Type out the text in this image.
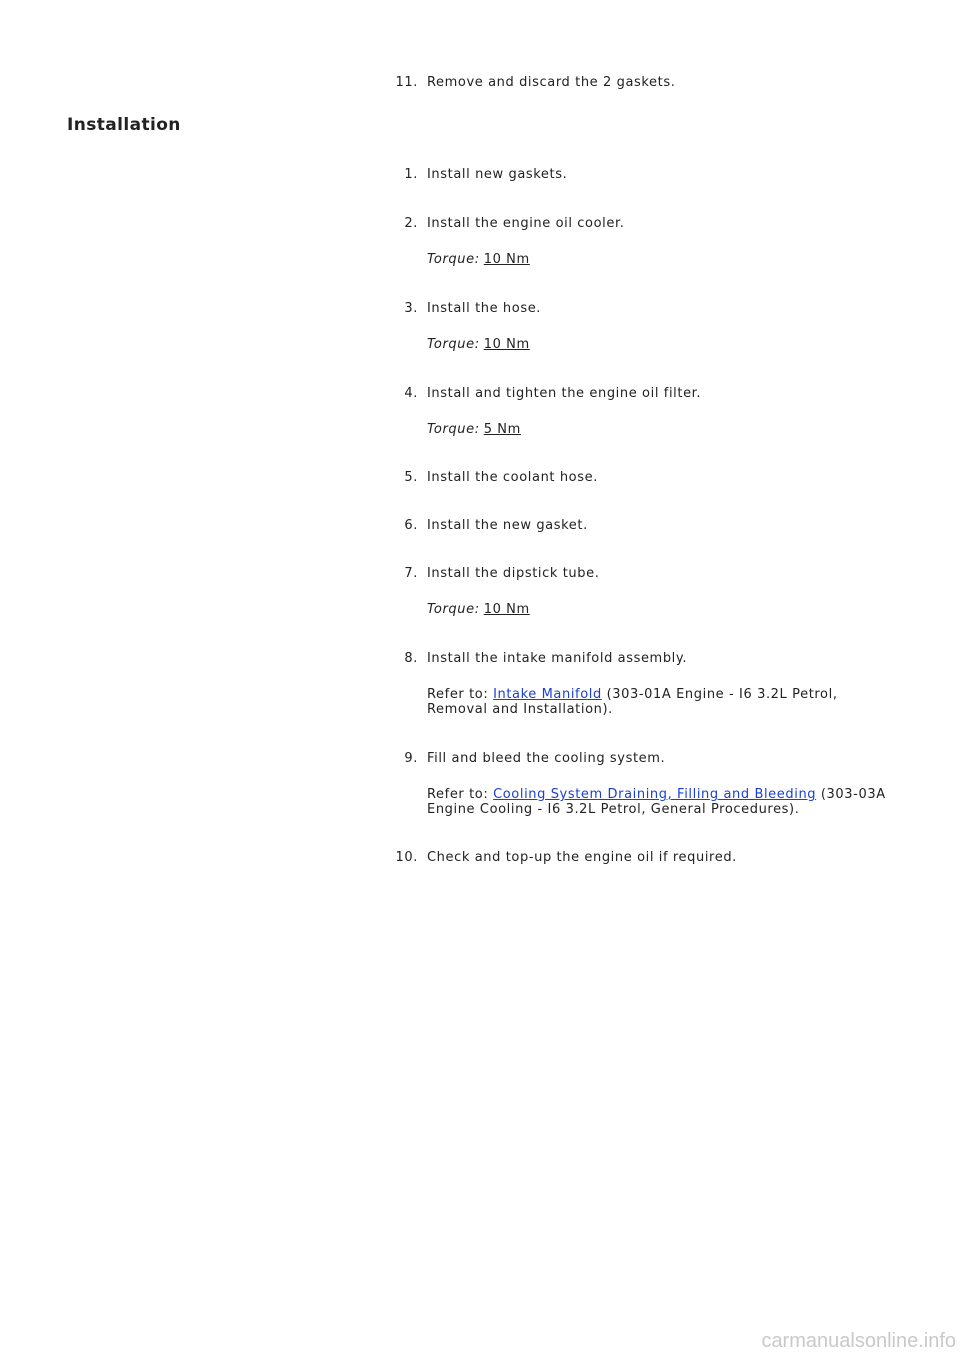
11. Remove and discard the 2 gaskets.
Installation
1. Install new gaskets.
2. Install the engine oil cooler.
Torque: 10 Nm
3. Install the hose.
Torque: 10 Nm
4. Install and tighten the engine oil filter.
Torque: 5 Nm
5. Install the coolant hose.
6. Install the new gasket.
7. Install the dipstick tube.
Torque: 10 Nm
8. Install the intake manifold assembly.
Refer to: Intake Manifold (303-01A Engine - I6 3.2L Petrol, Removal and Installation).
9. Fill and bleed the cooling system.
Refer to: Cooling System Draining, Filling and Bleeding (303-03A Engine Cooling - I6 3.2L Petrol, General Procedures).
10. Check and top-up the engine oil if required.
carmanualsonline.info
